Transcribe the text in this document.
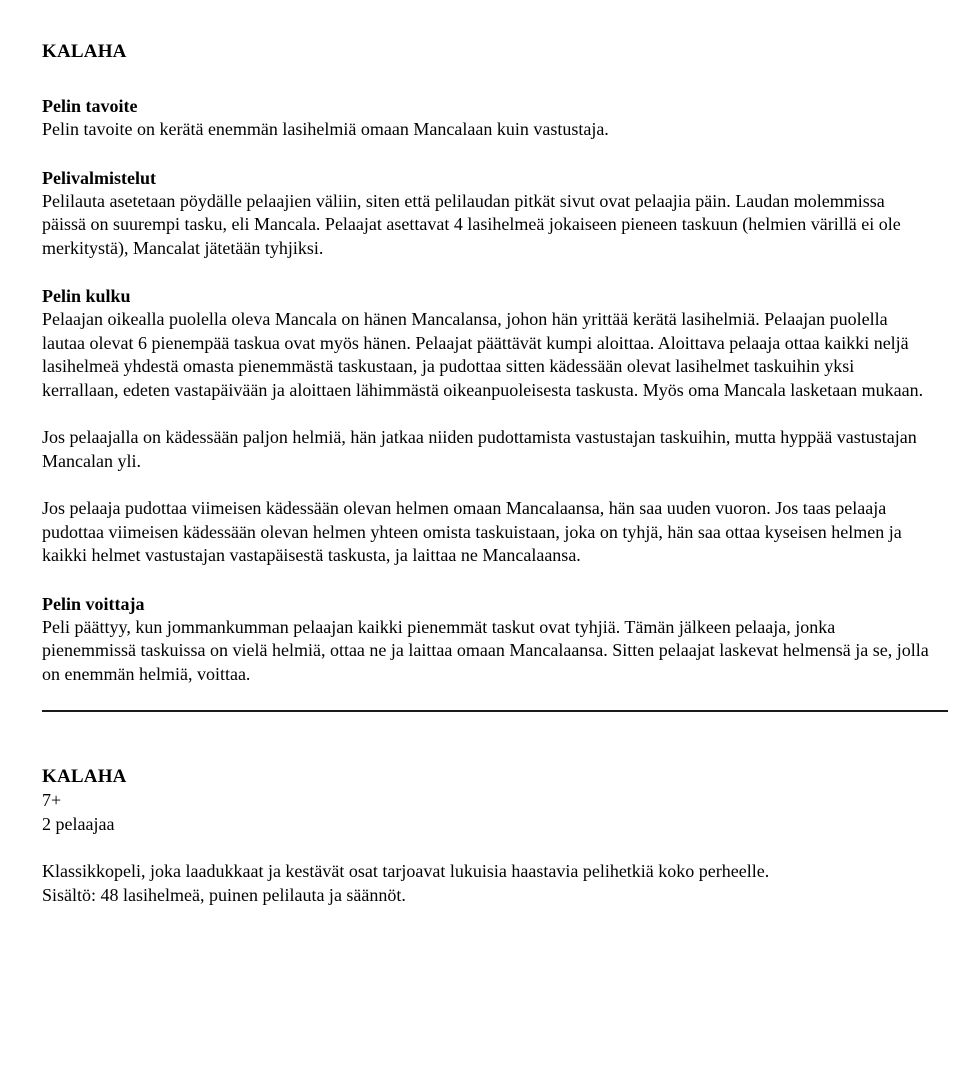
KALAHA
Pelin tavoite

Pelin tavoite on kerätä enemmän lasihelmiä omaan Mancalaan kuin vastustaja.

Pelivalmistelut

Pelilauta asetetaan pöydälle pelaajien väliin, siten että pelilaudan pitkät sivut ovat pelaajia päin. Laudan molemmissa päissä on suurempi tasku, eli Mancala. Pelaajat asettavat 4 lasihelmeä jokaiseen pieneen taskuun (helmien värillä ei ole merkitystä), Mancalat jätetään tyhjiksi.

Pelin kulku

Pelaajan oikealla puolella oleva Mancala on hänen Mancalansa, johon hän yrittää kerätä lasihelmiä. Pelaajan puolella lautaa olevat 6 pienempää taskua ovat myös hänen. Pelaajat päättävät kumpi aloittaa. Aloittava pelaaja ottaa kaikki neljä lasihelmeä yhdestä omasta pienemmästä taskustaan, ja pudottaa sitten kädessään olevat lasihelmet taskuihin yksi kerrallaan, edeten vastapäivään ja aloittaen lähimmästä oikeanpuoleisesta taskusta. Myös oma Mancala lasketaan mukaan.

Jos pelaajalla on kädessään paljon helmiä, hän jatkaa niiden pudottamista vastustajan taskuihin, mutta hyppää vastustajan Mancalan yli.

Jos pelaaja pudottaa viimeisen kädessään olevan helmen omaan Mancalaansa, hän saa uuden vuoron. Jos taas pelaaja pudottaa viimeisen kädessään olevan helmen yhteen omista taskuistaan, joka on tyhjä, hän saa ottaa kyseisen helmen ja kaikki helmet vastustajan vastapäisestä taskusta, ja laittaa ne Mancalaansa.

Pelin voittaja

Peli päättyy, kun jommankumman pelaajan kaikki pienemmät taskut ovat tyhjiä. Tämän jälkeen pelaaja, jonka pienemmissä taskuissa on vielä helmiä, ottaa ne ja laittaa omaan Mancalaansa. Sitten pelaajat laskevat helmensä ja se, jolla on enemmän helmiä, voittaa.

KALAHA
7+
2 pelaajaa
Klassikkopeli, joka laadukkaat ja kestävät osat tarjoavat lukuisia haastavia pelihetkiä koko perheelle.
Sisältö: 48 lasihelmeä, puinen pelilauta ja säännöt.
